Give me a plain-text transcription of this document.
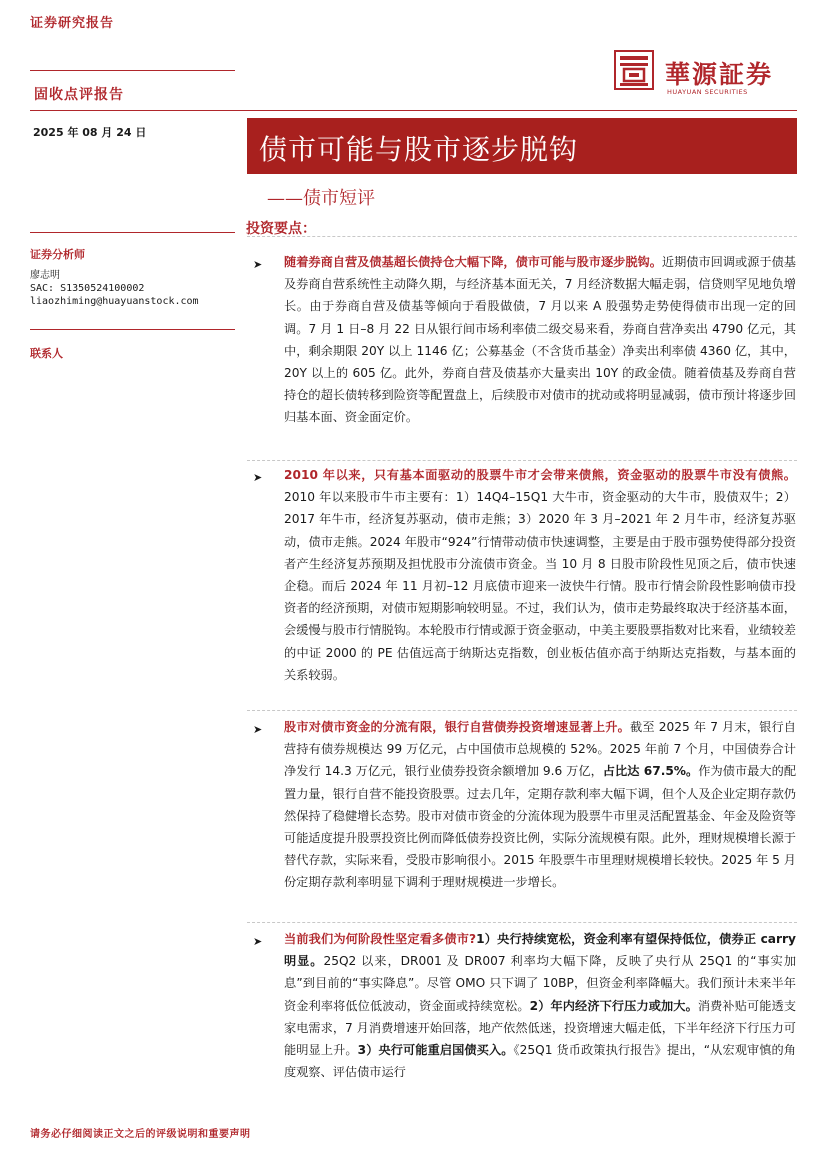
证券研究报告
固收点评报告
2025 年 08 月 24 日
華源証券
HUAYUAN SECURITIES
债市可能与股市逐步脱钩
——债市短评
投资要点：
证券分析师
廖志明
SAC: S1350524100002
liaozhiming@huayuanstock.com
联系人
➤ 随着券商自营及债基超长债持仓大幅下降，债市可能与股市逐步脱钩。近期债市回调或源于债基及券商自营系统性主动降久期，与经济基本面无关，7 月经济数据大幅走弱，信贷则罕见地负增长。由于券商自营及债基等倾向于看股做债，7 月以来 A 股强势走势使得债市出现一定的回调。7 月 1 日–8 月 22 日从银行间市场利率债二级交易来看，券商自营净卖出 4790 亿元，其中，剩余期限 20Y 以上 1146 亿；公募基金（不含货币基金）净卖出利率债 4360 亿，其中，20Y 以上的 605 亿。此外，券商自营及债基亦大量卖出 10Y 的政金债。随着债基及券商自营持仓的超长债转移到险资等配置盘上，后续股市对债市的扰动或将明显减弱，债市预计将逐步回归基本面、资金面定价。
➤ 2010 年以来，只有基本面驱动的股票牛市才会带来债熊，资金驱动的股票牛市没有债熊。2010 年以来股市牛市主要有：1）14Q4–15Q1 大牛市，资金驱动的大牛市，股债双牛；2）2017 年牛市，经济复苏驱动，债市走熊；3）2020 年 3 月–2021 年 2 月牛市，经济复苏驱动，债市走熊。2024 年股市“924”行情带动债市快速调整，主要是由于股市强势使得部分投资者产生经济复苏预期及担忧股市分流债市资金。当 10 月 8 日股市阶段性见顶之后，债市快速企稳。而后 2024 年 11 月初–12 月底债市迎来一波快牛行情。股市行情会阶段性影响债市投资者的经济预期，对债市短期影响较明显。不过，我们认为，债市走势最终取决于经济基本面，会缓慢与股市行情脱钩。本轮股市行情或源于资金驱动，中美主要股票指数对比来看，业绩较差的中证 2000 的 PE 估值远高于纳斯达克指数，创业板估值亦高于纳斯达克指数，与基本面的关系较弱。
➤ 股市对债市资金的分流有限，银行自营债券投资增速显著上升。截至 2025 年 7 月末，银行自营持有债券规模达 99 万亿元，占中国债市总规模的 52%。2025 年前 7 个月，中国债券合计净发行 14.3 万亿元，银行业债券投资余额增加 9.6 万亿，占比达 67.5%。作为债市最大的配置力量，银行自营不能投资股票。过去几年，定期存款利率大幅下调，但个人及企业定期存款仍然保持了稳健增长态势。股市对债市资金的分流体现为股票牛市里灵活配置基金、年金及险资等可能适度提升股票投资比例而降低债券投资比例，实际分流规模有限。此外，理财规模增长源于替代存款，实际来看，受股市影响很小。2015 年股票牛市里理财规模增长较快。2025 年 5 月份定期存款利率明显下调利于理财规模进一步增长。
➤ 当前我们为何阶段性坚定看多债市?1）央行持续宽松，资金利率有望保持低位，债券正 carry 明显。25Q2 以来，DR001 及 DR007 利率均大幅下降，反映了央行从 25Q1 的“事实加息”到目前的“事实降息”。尽管 OMO 只下调了 10BP，但资金利率降幅大。我们预计未来半年资金利率将低位低波动，资金面或持续宽松。2）年内经济下行压力或加大。消费补贴可能透支家电需求，7 月消费增速开始回落，地产依然低迷，投资增速大幅走低，下半年经济下行压力可能明显上升。3）央行可能重启国债买入。《25Q1 货币政策执行报告》提出，“从宏观审慎的角度观察、评估债市运行
请务必仔细阅读正文之后的评级说明和重要声明
